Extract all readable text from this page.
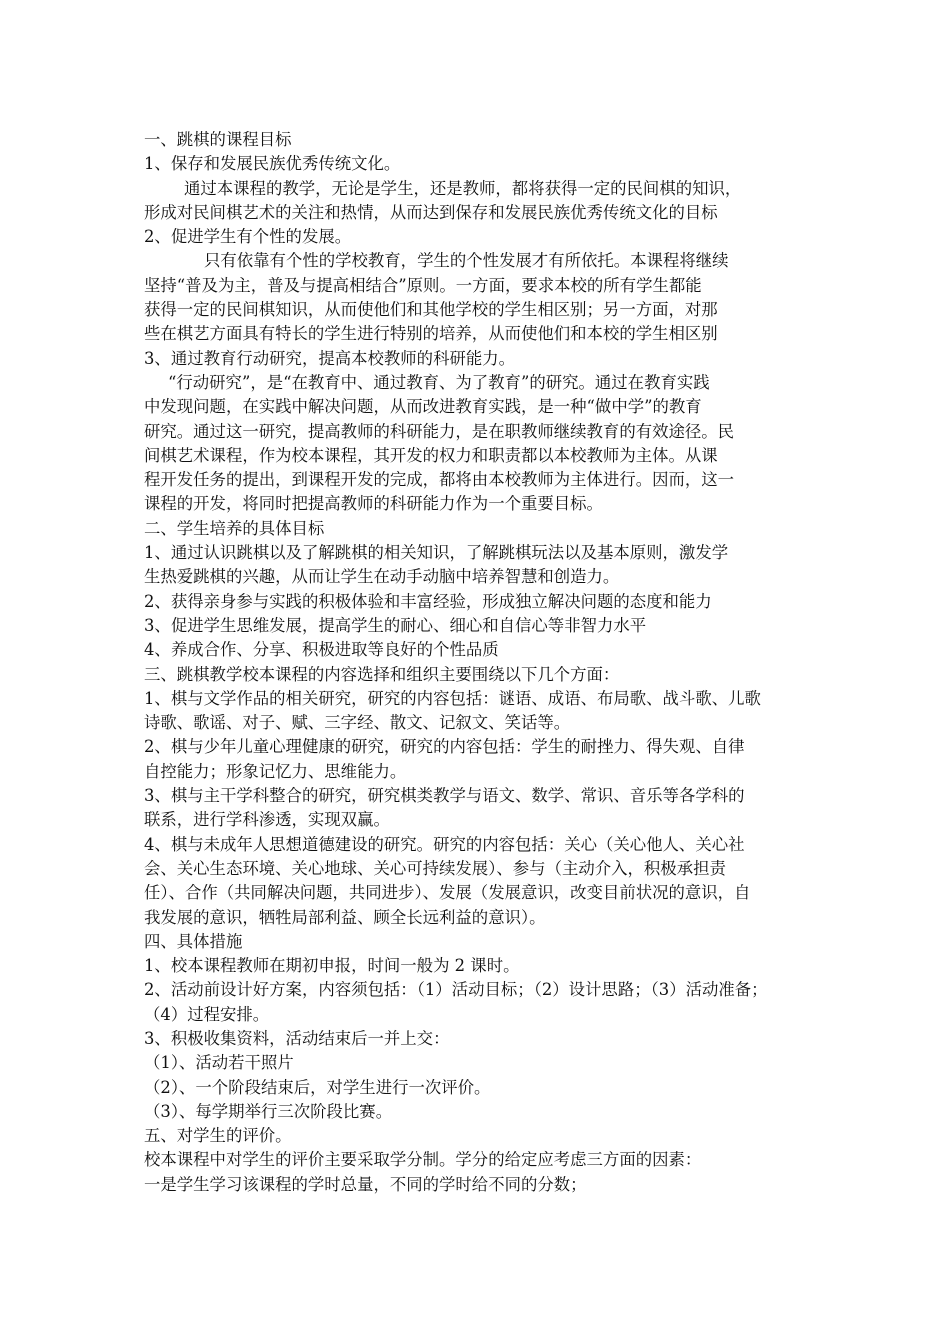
一、跳棋的课程目标
1、保存和发展民族优秀传统文化。
通过本课程的教学，无论是学生，还是教师，都将获得一定的民间棋的知识，
形成对民间棋艺术的关注和热情，从而达到保存和发展民族优秀传统文化的目标
2、促进学生有个性的发展。
只有依靠有个性的学校教育，学生的个性发展才有所依托。本课程将继续
坚持“普及为主，普及与提高相结合”原则。一方面，要求本校的所有学生都能
获得一定的民间棋知识，从而使他们和其他学校的学生相区别；另一方面，对那
些在棋艺方面具有特长的学生进行特别的培养，从而使他们和本校的学生相区别
3、通过教育行动研究，提高本校教师的科研能力。
“行动研究”，是“在教育中、通过教育、为了教育”的研究。通过在教育实践
中发现问题，在实践中解决问题，从而改进教育实践，是一种“做中学”的教育
研究。通过这一研究，提高教师的科研能力，是在职教师继续教育的有效途径。民
间棋艺术课程，作为校本课程，其开发的权力和职责都以本校教师为主体。从课
程开发任务的提出，到课程开发的完成，都将由本校教师为主体进行。因而，这一
课程的开发，将同时把提高教师的科研能力作为一个重要目标。
二、学生培养的具体目标
1、通过认识跳棋以及了解跳棋的相关知识，了解跳棋玩法以及基本原则，激发学
生热爱跳棋的兴趣，从而让学生在动手动脑中培养智慧和创造力。
2、获得亲身参与实践的积极体验和丰富经验，形成独立解决问题的态度和能力
3、促进学生思维发展，提高学生的耐心、细心和自信心等非智力水平
4、养成合作、分享、积极进取等良好的个性品质
三、跳棋教学校本课程的内容选择和组织主要围绕以下几个方面：
1、棋与文学作品的相关研究，研究的内容包括：谜语、成语、布局歌、战斗歌、儿歌
诗歌、歌谣、对子、赋、三字经、散文、记叙文、笑话等。
2、棋与少年儿童心理健康的研究，研究的内容包括：学生的耐挫力、得失观、自律
自控能力；形象记忆力、思维能力。
3、棋与主干学科整合的研究，研究棋类教学与语文、数学、常识、音乐等各学科的
联系，进行学科渗透，实现双赢。
4、棋与未成年人思想道德建设的研究。研究的内容包括：关心（关心他人、关心社
会、关心生态环境、关心地球、关心可持续发展）、参与（主动介入，积极承担责
任）、合作（共同解决问题，共同进步）、发展（发展意识，改变目前状况的意识，自
我发展的意识，牺牲局部利益、顾全长远利益的意识）。
四、具体措施
1、校本课程教师在期初申报，时间一般为 2 课时。
2、活动前设计好方案，内容须包括：（1）活动目标；（2）设计思路；（3）活动准备；
（4）过程安排。
3、积极收集资料，活动结束后一并上交：
（1）、活动若干照片
（2）、一个阶段结束后，对学生进行一次评价。
（3）、每学期举行三次阶段比赛。
五、对学生的评价。
校本课程中对学生的评价主要采取学分制。学分的给定应考虑三方面的因素：
一是学生学习该课程的学时总量，不同的学时给不同的分数；
